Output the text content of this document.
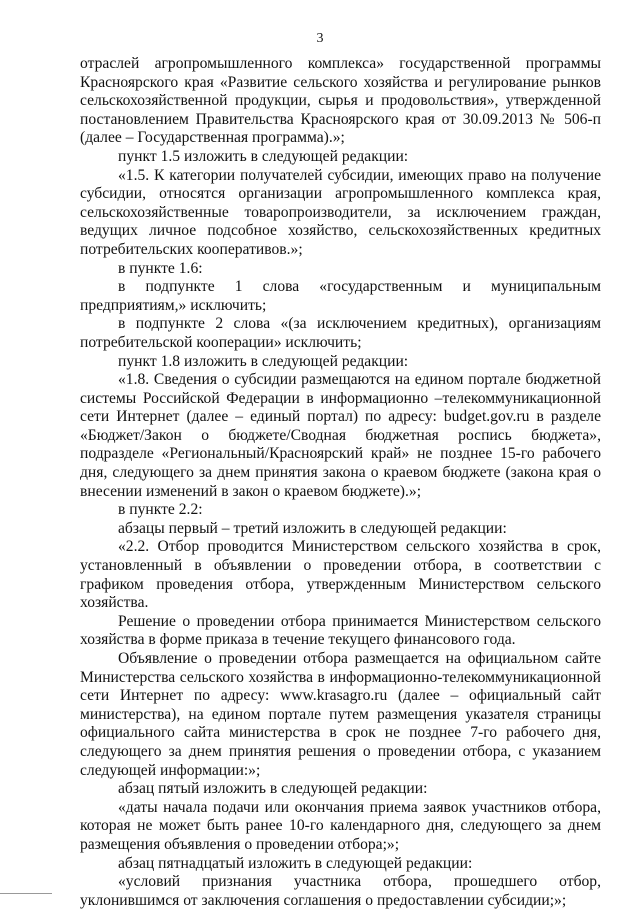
3

отраслей агропромышленного комплекса» государственной программы Красноярского края «Развитие сельского хозяйства и регулирование рынков сельскохозяйственной продукции, сырья и продовольствия», утвержденной постановлением Правительства Красноярского края от 30.09.2013 № 506-п (далее – Государственная программа).»;

пункт 1.5 изложить в следующей редакции:

«1.5. К категории получателей субсидии, имеющих право на получение субсидии, относятся организации агропромышленного комплекса края, сельскохозяйственные товаропроизводители, за исключением граждан, ведущих личное подсобное хозяйство, сельскохозяйственных кредитных потребительских кооперативов.»;

в пункте 1.6:

в подпункте 1 слова «государственным и муниципальным предприятиям,» исключить;

в подпункте 2 слова «(за исключением кредитных), организациям потребительской кооперации» исключить;

пункт 1.8 изложить в следующей редакции:

«1.8. Сведения о субсидии размещаются на едином портале бюджетной системы Российской Федерации в информационно –телекоммуникационной сети Интернет (далее – единый портал) по адресу: budget.gov.ru в разделе «Бюджет/Закон о бюджете/Сводная бюджетная роспись бюджета», подразделе «Региональный/Красноярский край» не позднее 15-го рабочего дня, следующего за днем принятия закона о краевом бюджете (закона края о внесении изменений в закон о краевом бюджете).»;

в пункте 2.2:

абзацы первый – третий изложить в следующей редакции:

«2.2. Отбор проводится Министерством сельского хозяйства в срок, установленный в объявлении о проведении отбора, в соответствии с графиком проведения отбора, утвержденным Министерством сельского хозяйства.

Решение о проведении отбора принимается Министерством сельского хозяйства в форме приказа в течение текущего финансового года.

Объявление о проведении отбора размещается на официальном сайте Министерства сельского хозяйства в информационно-телекоммуникационной сети Интернет по адресу: www.krasagro.ru (далее – официальный сайт министерства), на едином портале путем размещения указателя страницы официального сайта министерства в срок не позднее 7-го рабочего дня, следующего за днем принятия решения о проведении отбора, с указанием следующей информации:»;

абзац пятый изложить в следующей редакции:

«даты начала подачи или окончания приема заявок участников отбора, которая не может быть ранее 10-го календарного дня, следующего за днем размещения объявления о проведении отбора;»;

абзац пятнадцатый изложить в следующей редакции:

«условий признания участника отбора, прошедшего отбор, уклонившимся от заключения соглашения о предоставлении субсидии;»;
